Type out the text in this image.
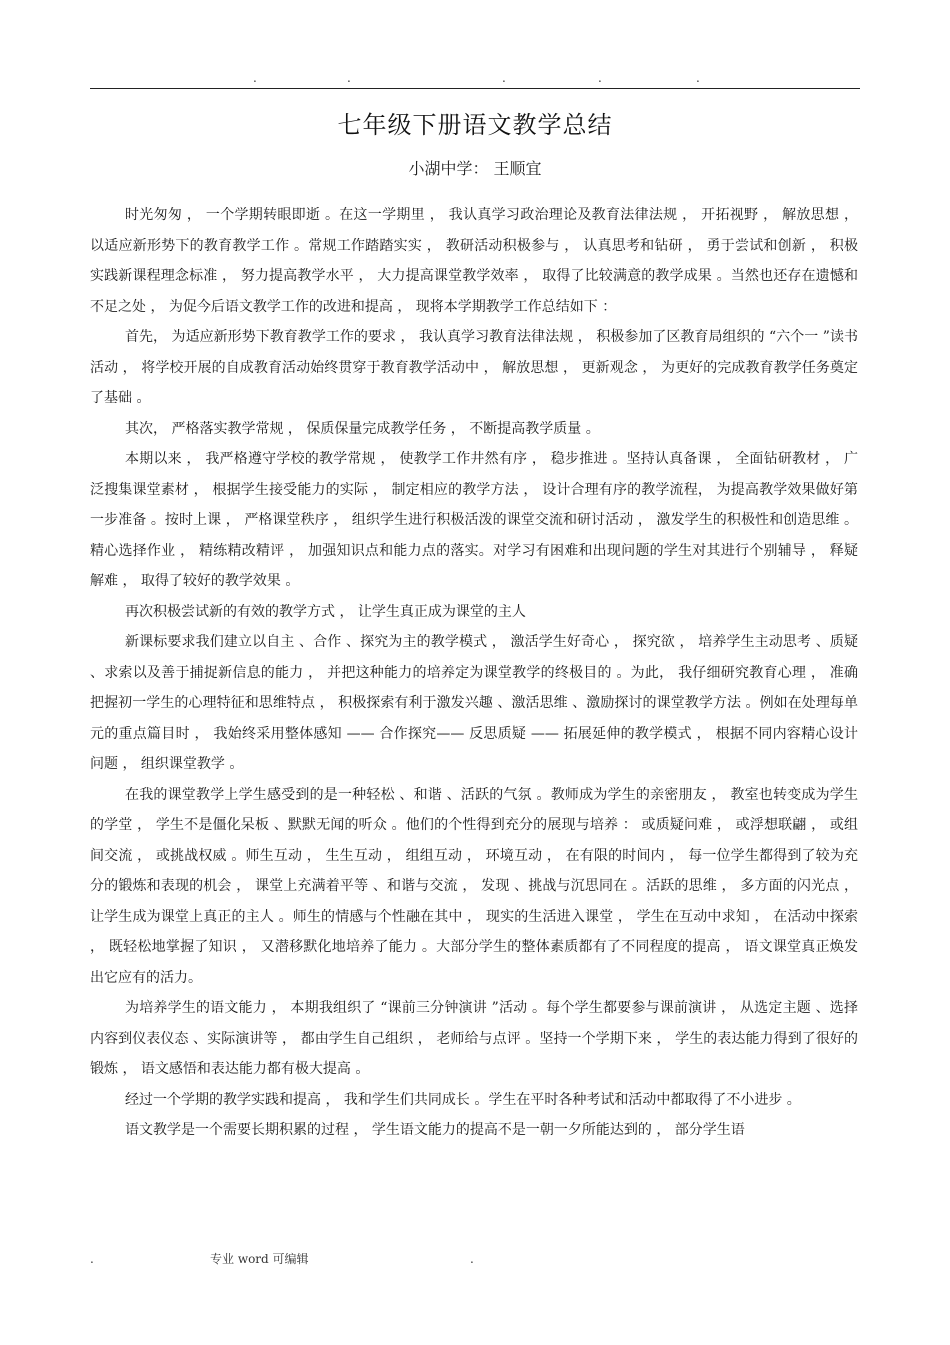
.	.	.	.	.
七年级下册语文教学总结
小湖中学： 王顺宜

时光匆匆 ， 一个学期转眼即逝 。在这一学期里 ， 我认真学习政治理论及教育法律法规 ， 开拓视野 ， 解放思想 ， 以适应新形势下的教育教学工作 。常规工作踏踏实实 ， 教研活动积极参与 ， 认真思考和钻研 ， 勇于尝试和创新 ， 积极实践新课程理念标准 ， 努力提高教学水平 ， 大力提高课堂教学效率 ， 取得了比较满意的教学成果 。当然也还存在遗憾和不足之处 ， 为促今后语文教学工作的改进和提高 ， 现将本学期教学工作总结如下 ：

首先， 为适应新形势下教育教学工作的要求 ， 我认真学习教育法律法规 ， 积极参加了区教育局组织的 “六个一 ”读书活动 ， 将学校开展的自成教育活动始终贯穿于教育教学活动中 ， 解放思想 ， 更新观念 ， 为更好的完成教育教学任务奠定了基础 。

其次， 严格落实教学常规 ， 保质保量完成教学任务 ， 不断提高教学质量 。

本期以来 ， 我严格遵守学校的教学常规 ， 使教学工作井然有序 ， 稳步推进 。坚持认真备课 ， 全面钻研教材 ， 广泛搜集课堂素材 ， 根据学生接受能力的实际 ， 制定相应的教学方法 ， 设计合理有序的教学流程， 为提高教学效果做好第一步准备 。按时上课 ， 严格课堂秩序 ， 组织学生进行积极活泼的课堂交流和研讨活动 ， 激发学生的积极性和创造思维 。精心选择作业 ， 精练精改精评 ， 加强知识点和能力点的落实。对学习有困难和出现问题的学生对其进行个别辅导 ， 释疑解难 ， 取得了较好的教学效果 。

再次积极尝试新的有效的教学方式 ， 让学生真正成为课堂的主人

新课标要求我们建立以自主 、合作 、探究为主的教学模式 ， 激活学生好奇心 ， 探究欲 ， 培养学生主动思考 、质疑 、求索以及善于捕捉新信息的能力 ， 并把这种能力的培养定为课堂教学的终极目的 。为此， 我仔细研究教育心理 ， 准确把握初一学生的心理特征和思维特点 ， 积极探索有利于激发兴趣 、激活思维 、激励探讨的课堂教学方法 。例如在处理每单元的重点篇目时 ， 我始终采用整体感知 —— 合作探究—— 反思质疑 —— 拓展延伸的教学模式 ， 根据不同内容精心设计问题 ， 组织课堂教学 。

在我的课堂教学上学生感受到的是一种轻松 、和谐 、活跃的气氛 。教师成为学生的亲密朋友 ， 教室也转变成为学生的学堂 ， 学生不是僵化呆板 、默默无闻的听众 。他们的个性得到充分的展现与培养 ： 或质疑问难 ， 或浮想联翩 ， 或组间交流 ， 或挑战权威 。师生互动 ， 生生互动 ， 组组互动 ， 环境互动 ， 在有限的时间内 ， 每一位学生都得到了较为充分的锻炼和表现的机会 ， 课堂上充满着平等 、和谐与交流 ， 发现 、挑战与沉思同在 。活跃的思维 ， 多方面的闪光点 ， 让学生成为课堂上真正的主人 。师生的情感与个性融在其中 ， 现实的生活进入课堂 ， 学生在互动中求知 ， 在活动中探索 ， 既轻松地掌握了知识 ， 又潜移默化地培养了能力 。大部分学生的整体素质都有了不同程度的提高 ， 语文课堂真正焕发出它应有的活力。

为培养学生的语文能力 ， 本期我组织了 “课前三分钟演讲 ”活动 。每个学生都要参与课前演讲 ， 从选定主题 、选择内容到仪表仪态 、实际演讲等 ， 都由学生自己组织 ， 老师给与点评 。坚持一个学期下来 ， 学生的表达能力得到了很好的锻炼 ， 语文感悟和表达能力都有极大提高 。

经过一个学期的教学实践和提高 ， 我和学生们共同成长 。学生在平时各种考试和活动中都取得了不小进步 。

语文教学是一个需要长期积累的过程 ， 学生语文能力的提高不是一朝一夕所能达到的 ， 部分学生语

.	专业 word 可编辑	.
